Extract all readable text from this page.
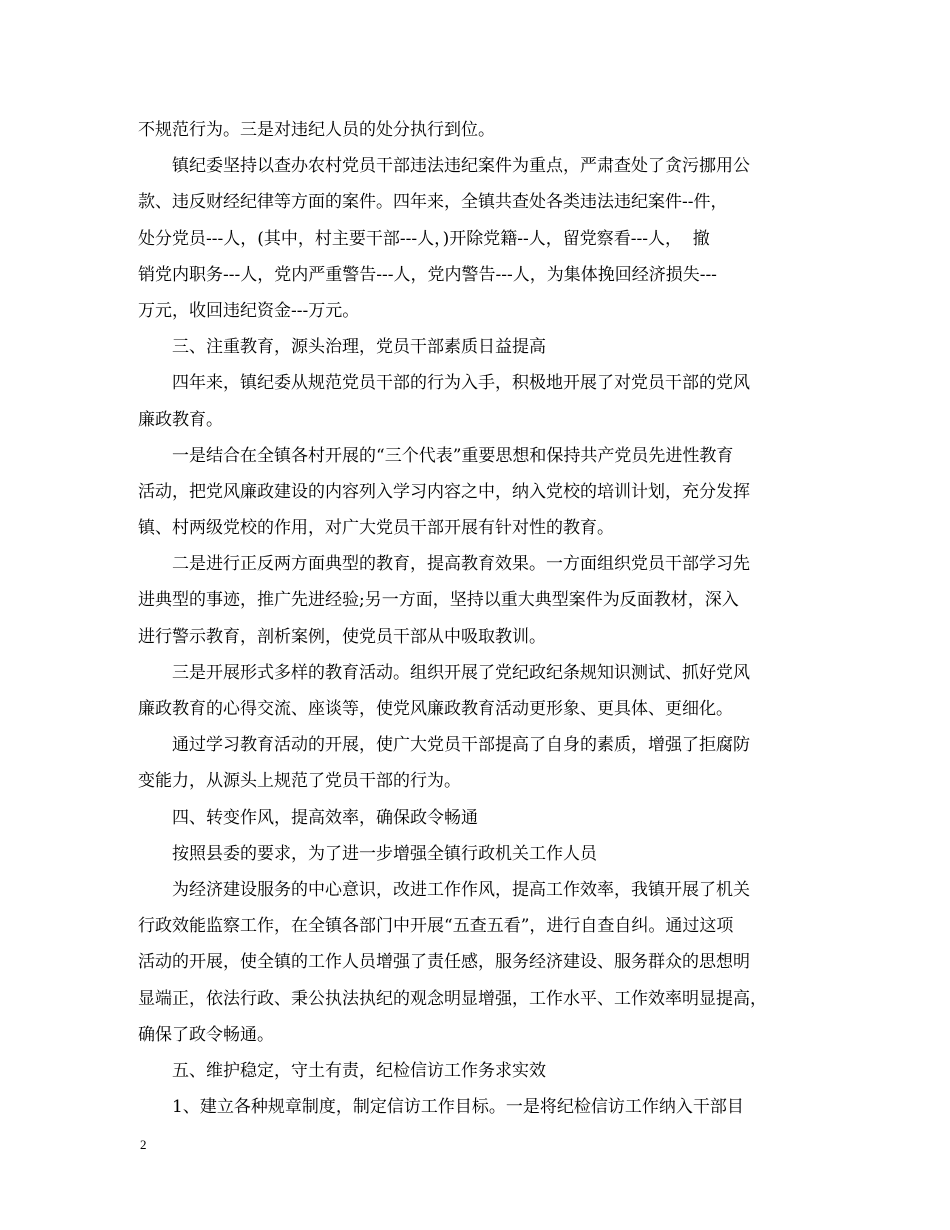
不规范行为。三是对违纪人员的处分执行到位。
　　镇纪委坚持以查办农村党员干部违法违纪案件为重点，严肃查处了贪污挪用公
款、违反财经纪律等方面的案件。四年来，全镇共查处各类违法违纪案件--件，
处分党员---人，(其中，村主要干部---人，)开除党籍--人，留党察看---人，  撤
销党内职务---人，党内严重警告---人，党内警告---人，为集体挽回经济损失---
万元，收回违纪资金---万元。
　　三、注重教育，源头治理，党员干部素质日益提高
　　四年来，镇纪委从规范党员干部的行为入手，积极地开展了对党员干部的党风
廉政教育。
　　一是结合在全镇各村开展的“三个代表”重要思想和保持共产党员先进性教育
活动，把党风廉政建设的内容列入学习内容之中，纳入党校的培训计划，充分发挥
镇、村两级党校的作用，对广大党员干部开展有针对性的教育。
　　二是进行正反两方面典型的教育，提高教育效果。一方面组织党员干部学习先
进典型的事迹，推广先进经验;另一方面，坚持以重大典型案件为反面教材，深入
进行警示教育，剖析案例，使党员干部从中吸取教训。
　　三是开展形式多样的教育活动。组织开展了党纪政纪条规知识测试、抓好党风
廉政教育的心得交流、座谈等，使党风廉政教育活动更形象、更具体、更细化。
　　通过学习教育活动的开展，使广大党员干部提高了自身的素质，增强了拒腐防
变能力，从源头上规范了党员干部的行为。
　　四、转变作风，提高效率，确保政令畅通
　　按照县委的要求，为了进一步增强全镇行政机关工作人员
　　为经济建设服务的中心意识，改进工作作风，提高工作效率，我镇开展了机关
行政效能监察工作，在全镇各部门中开展“五查五看”，进行自查自纠。通过这项
活动的开展，使全镇的工作人员增强了责任感，服务经济建设、服务群众的思想明
显端正，依法行政、秉公执法执纪的观念明显增强，工作水平、工作效率明显提高，
确保了政令畅通。
　　五、维护稳定，守土有责，纪检信访工作务求实效
　　1、建立各种规章制度，制定信访工作目标。一是将纪检信访工作纳入干部目
2
